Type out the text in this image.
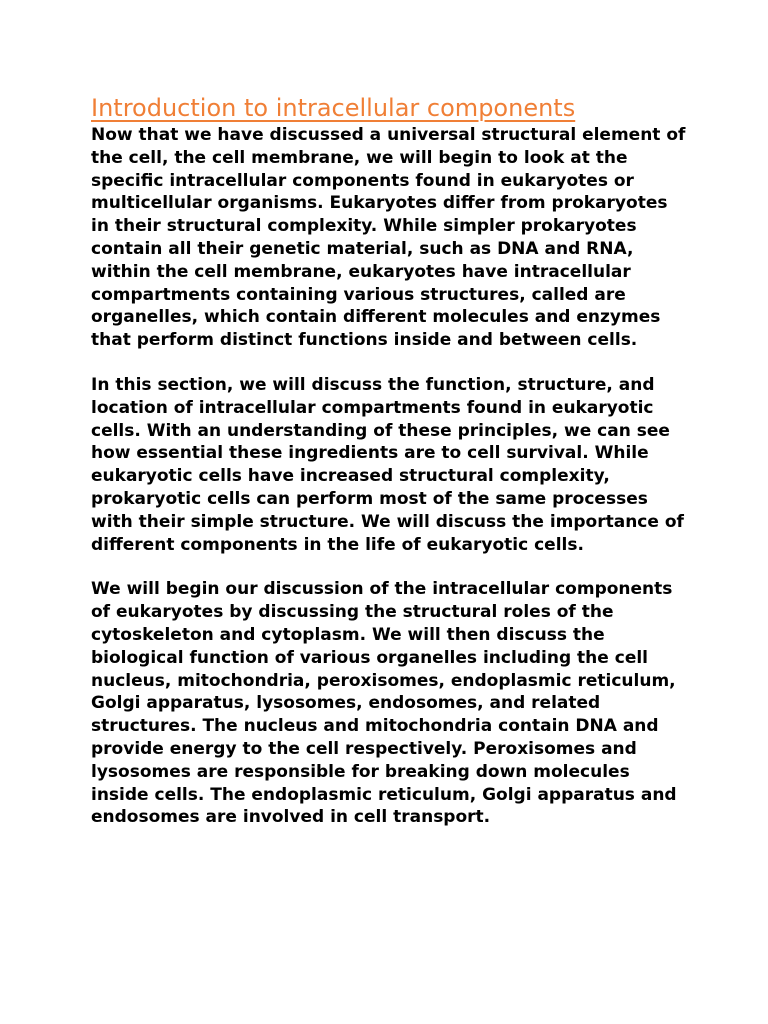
Introduction to intracellular components

Now that we have discussed a universal structural element of the cell, the cell membrane, we will begin to look at the specific intracellular components found in eukaryotes or multicellular organisms. Eukaryotes differ from prokaryotes in their structural complexity. While simpler prokaryotes contain all their genetic material, such as DNA and RNA, within the cell membrane, eukaryotes have intracellular compartments containing various structures, called are organelles, which contain different molecules and enzymes that perform distinct functions inside and between cells.

In this section, we will discuss the function, structure, and location of intracellular compartments found in eukaryotic cells. With an understanding of these principles, we can see how essential these ingredients are to cell survival. While eukaryotic cells have increased structural complexity, prokaryotic cells can perform most of the same processes with their simple structure. We will discuss the importance of different components in the life of eukaryotic cells.

We will begin our discussion of the intracellular components of eukaryotes by discussing the structural roles of the cytoskeleton and cytoplasm. We will then discuss the biological function of various organelles including the cell nucleus, mitochondria, peroxisomes, endoplasmic reticulum, Golgi apparatus, lysosomes, endosomes, and related structures. The nucleus and mitochondria contain DNA and provide energy to the cell respectively. Peroxisomes and lysosomes are responsible for breaking down molecules inside cells. The endoplasmic reticulum, Golgi apparatus and endosomes are involved in cell transport.
